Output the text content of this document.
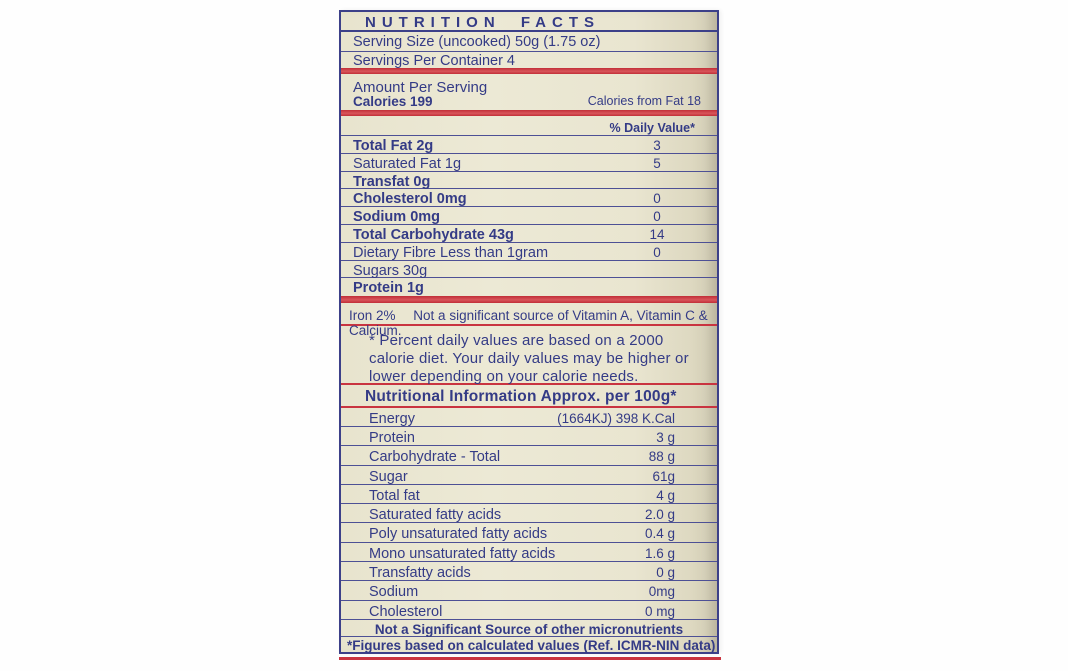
NUTRITION FACTS
Serving Size (uncooked) 50g (1.75 oz)
Servings Per Container 4
Amount Per Serving
Calories 199	Calories from Fat 18
% Daily Value*
Total Fat 2g	3
Saturated Fat 1g	5
Transfat 0g
Cholesterol 0mg	0
Sodium 0mg	0
Total Carbohydrate 43g	14
Dietary Fibre Less than 1gram	0
Sugars 30g
Protein 1g
Iron 2% Not a significant source of Vitamin A, Vitamin C & Calcium.
* Percent daily values are based on a 2000 calorie diet. Your daily values may be higher or lower depending on your calorie needs.
Nutritional Information Approx. per 100g*
Energy	(1664KJ) 398 K.Cal
Protein	3 g
Carbohydrate - Total	88 g
Sugar	61g
Total fat	4 g
Saturated fatty acids	2.0 g
Poly unsaturated fatty acids	0.4 g
Mono unsaturated fatty acids	1.6 g
Transfatty acids	0 g
Sodium	0mg
Cholesterol	0 mg
Not a Significant Source of other micronutrients
*Figures based on calculated values (Ref. ICMR-NIN data)
